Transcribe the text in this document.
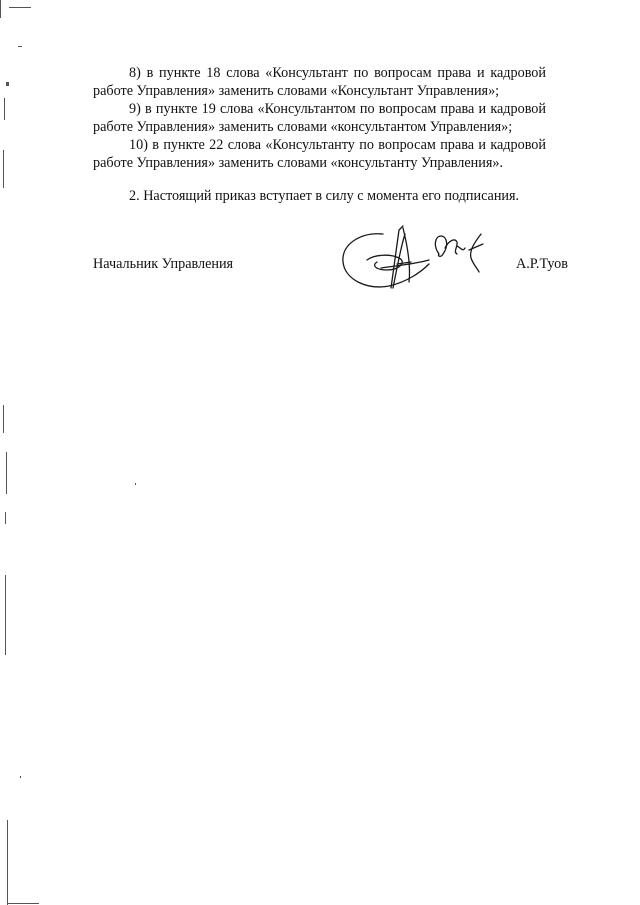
8) в пункте 18 слова «Консультант по вопросам права и кадровой работе Управления» заменить словами «Консультант Управления»;

9) в пункте 19 слова «Консультантом по вопросам права и кадровой работе Управления» заменить словами «консультантом Управления»;

10) в пункте 22 слова «Консультанту по вопросам права и кадровой работе Управления» заменить словами «консультанту Управления».

2. Настоящий приказ вступает в силу с момента его подписания.

Начальник Управления	А.Р.Туов
